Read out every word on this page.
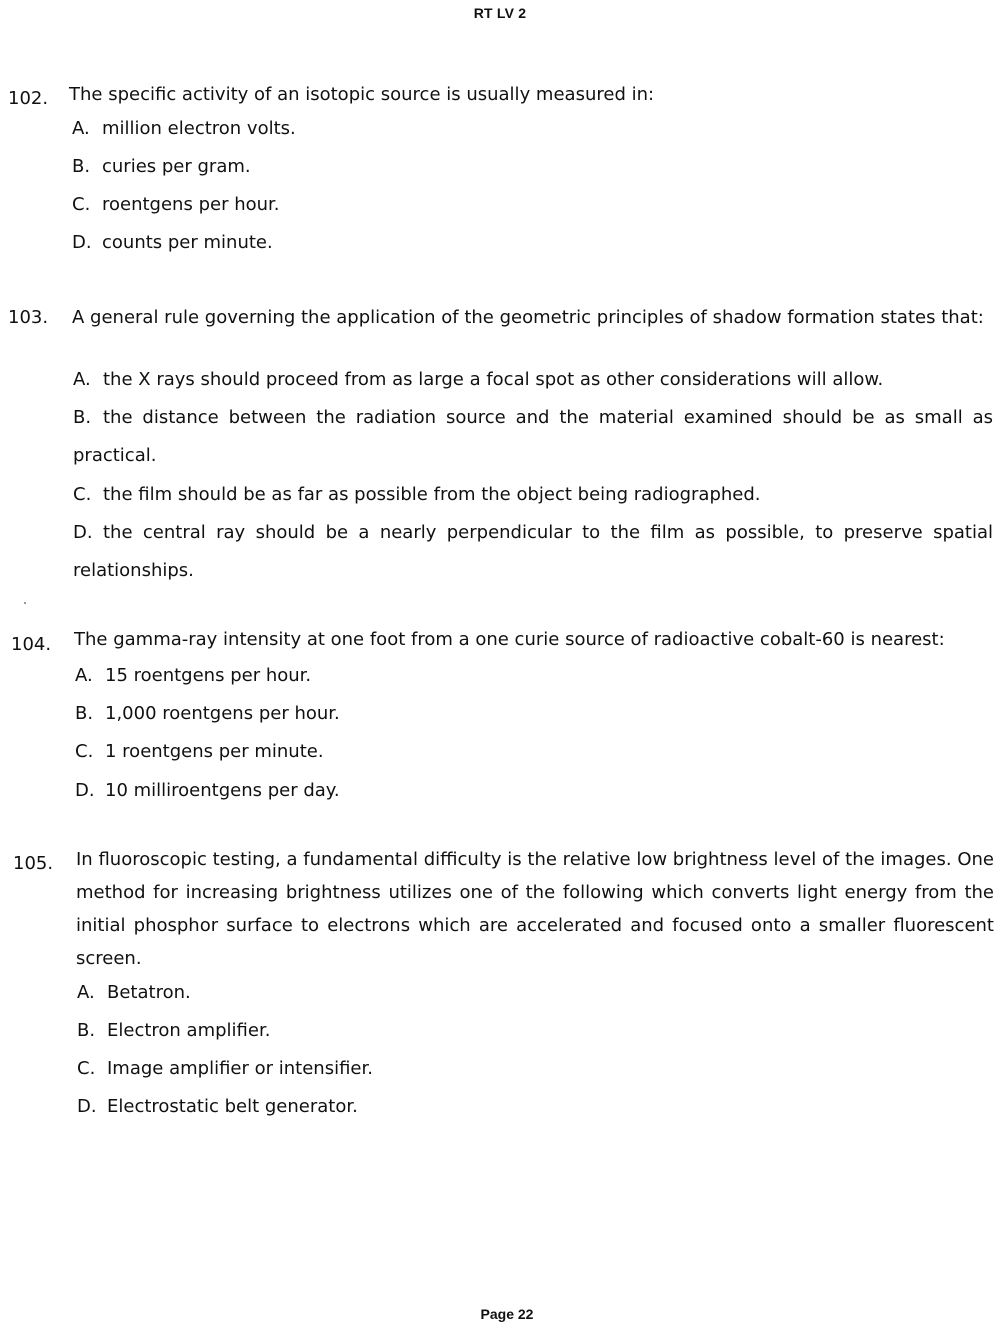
RT LV 2
102. The specific activity of an isotopic source is usually measured in:
A. million electron volts.
B. curies per gram.
C. roentgens per hour.
D. counts per minute.
103. A general rule governing the application of the geometric principles of shadow formation states that:
A. the X rays should proceed from as large a focal spot as other considerations will allow.
B. the distance between the radiation source and the material examined should be as small as practical.
C. the film should be as far as possible from the object being radiographed.
D. the central ray should be a nearly perpendicular to the film as possible, to preserve spatial relationships.
104. The gamma-ray intensity at one foot from a one curie source of radioactive cobalt-60 is nearest:
A. 15 roentgens per hour.
B. 1,000 roentgens per hour.
C. 1 roentgens per minute.
D. 10 milliroentgens per day.
105. In fluoroscopic testing, a fundamental difficulty is the relative low brightness level of the images. One method for increasing brightness utilizes one of the following which converts light energy from the initial phosphor surface to electrons which are accelerated and focused onto a smaller fluorescent screen.
A. Betatron.
B. Electron amplifier.
C. Image amplifier or intensifier.
D. Electrostatic belt generator.
Page 22
